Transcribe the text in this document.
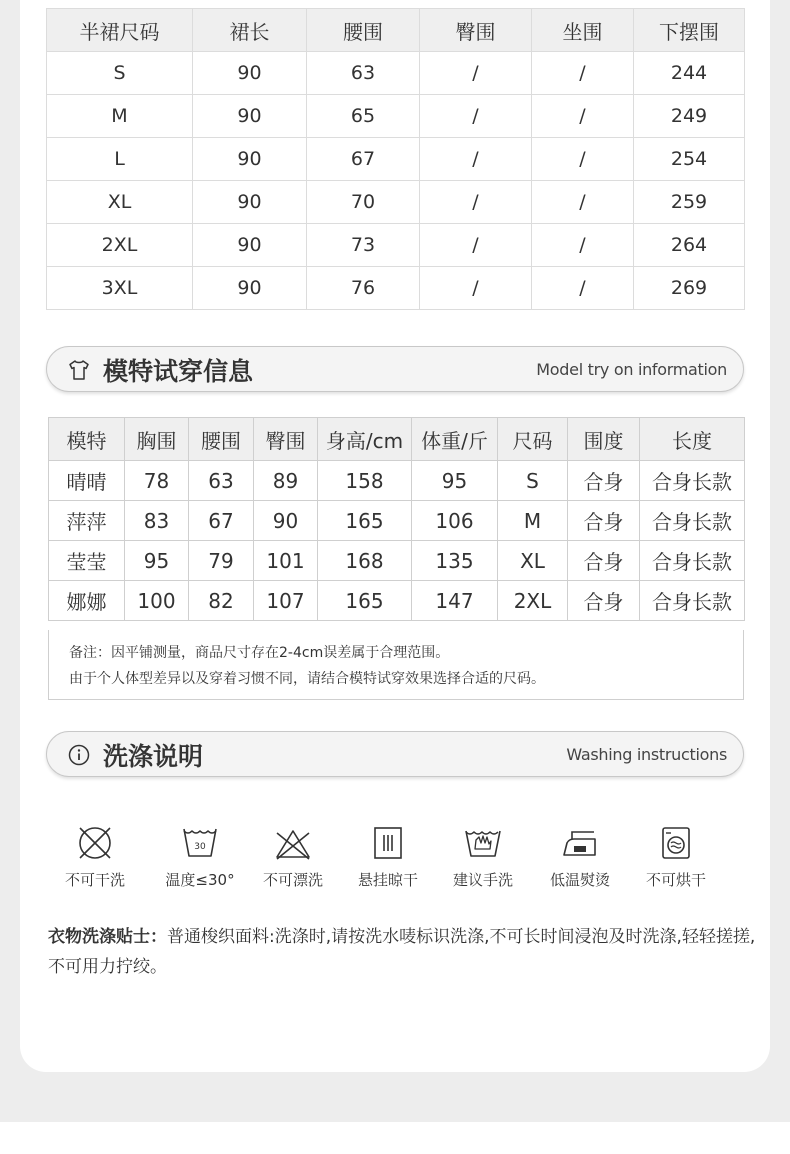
半裙尺码	裙长	腰围	臀围	坐围	下摆围
S	90	63	/	/	244
M	90	65	/	/	249
L	90	67	/	/	254
XL	90	70	/	/	259
2XL	90	73	/	/	264
3XL	90	76	/	/	269
模特试穿信息	Model try on information
模特	胸围	腰围	臀围	身高/cm	体重/斤	尺码	围度	长度
晴晴	78	63	89	158	95	S	合身	合身长款
萍萍	83	67	90	165	106	M	合身	合身长款
莹莹	95	79	101	168	135	XL	合身	合身长款
娜娜	100	82	107	165	147	2XL	合身	合身长款
备注：因平铺测量，商品尺寸存在2-4cm误差属于合理范围。
由于个人体型差异以及穿着习惯不同，请结合模特试穿效果选择合适的尺码。
洗涤说明	Washing instructions
不可干洗
30
温度≤30°	不可漂洗	悬挂晾干	建议手洗	低温熨烫	不可烘干
衣物洗涤贴士：普通梭织面料:洗涤时,请按洗水唛标识洗涤,不可长时间浸泡及时洗涤,轻轻搓搓,不可用力拧绞。
